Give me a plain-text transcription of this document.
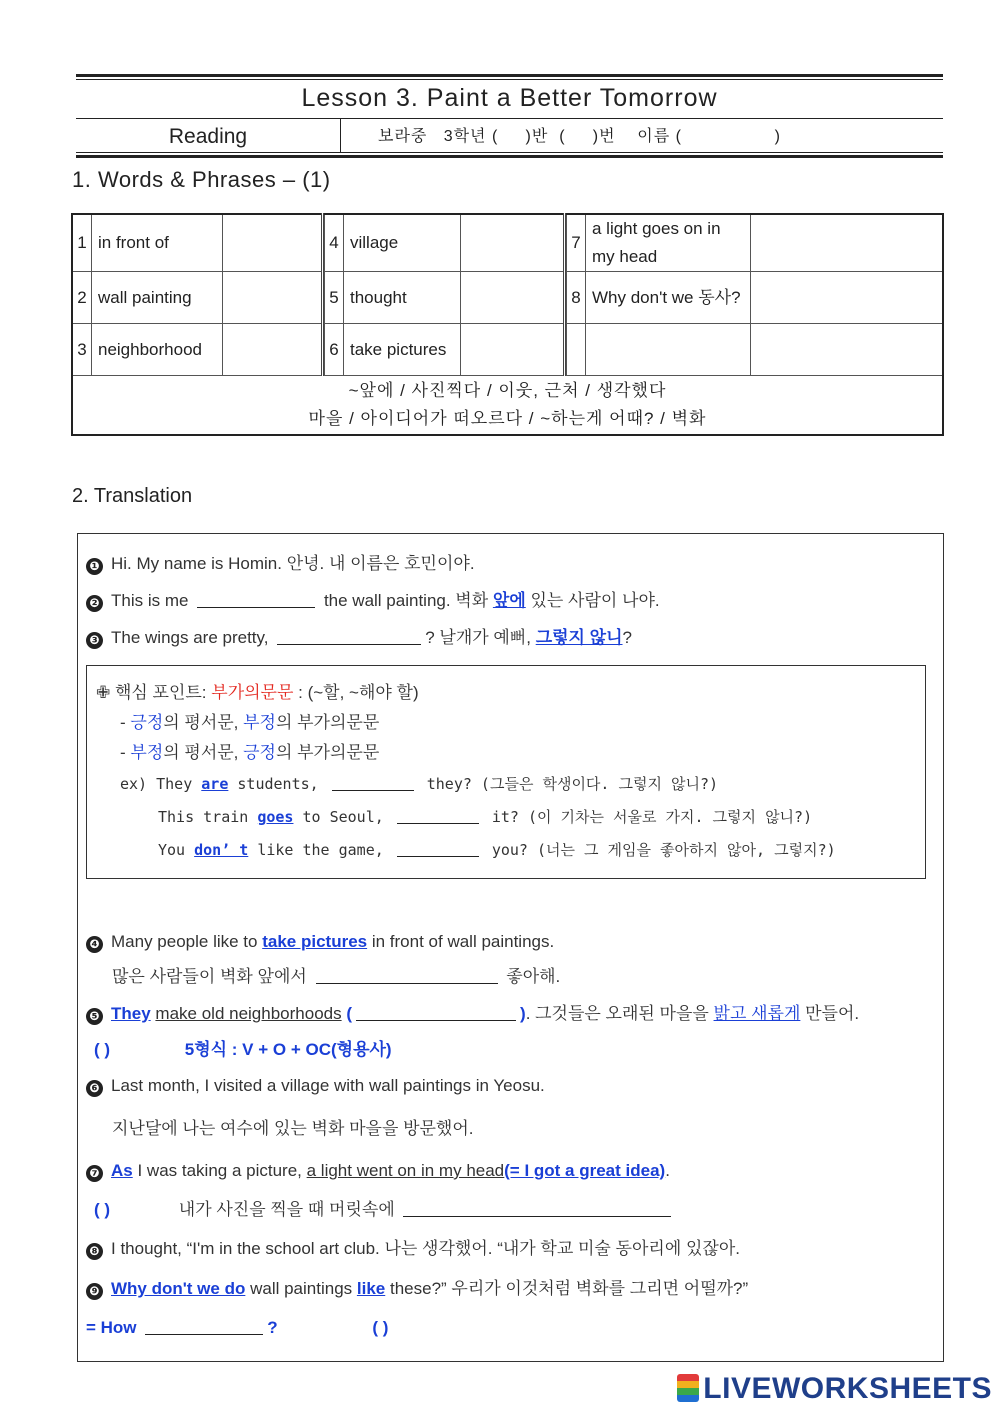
Lesson 3. Paint a Better Tomorrow
Reading	보라중   3학년 (     )반  (     )번    이름 (                 )
1. Words & Phrases – (1)
1	in front of			4	village			7	a light goes on in my head	
2	wall painting			5	thought			8	Why don't we 동사?	
3	neighborhood			6	take pictures					

~앞에 / 사진찍다 / 이웃, 근처 / 생각했다
마을 / 아이디어가 떠오르다 / ~하는게 어때? / 벽화										
2. Translation
❶ Hi. My name is Homin. 안녕. 내 이름은 호민이야.
❷ This is me	the wall painting. 벽화 앞에 있는 사람이 나야.
❸ The wings are pretty,	? 날개가 예뻐, 그렇지 않니?
✙ 핵심 포인트: 부가의문문 : (~할, ~해야 할)
- 긍정의 평서문, 부정의 부가의문문
- 부정의 평서문, 긍정의 부가의문문
ex) They are students,	they? (그들은 학생이다. 그렇지 않니?)
This train goes to Seoul,	it? (이 기차는 서울로 가지. 그렇지 않니?)
You don’ t like the game,	you? (너는 그 게임을 좋아하지 않아, 그렇지?)
❹ Many people like to take pictures in front of wall paintings.
많은 사람들이 벽화 앞에서	좋아해.
❺ They make old neighborhoods (	). 그것들은 오래된 마을을 밝고 새롭게 만들어.
( )	5형식 : V + O + OC(형용사)
❻ Last month, I visited a village with wall paintings in Yeosu.
지난달에 나는 여수에 있는 벽화 마을을 방문했어.
❼ As I was taking a picture, a light went on in my head(= I got a great idea).
( )	내가 사진을 찍을 때 머릿속에
❽ I thought, “I'm in the school art club. 나는 생각했어. “내가 학교 미술 동아리에 있잖아.
❾ Why don't we do wall paintings like these?” 우리가 이것처럼 벽화를 그리면 어떨까?”
= How	?	( )
LIVEWORKSHEETS
